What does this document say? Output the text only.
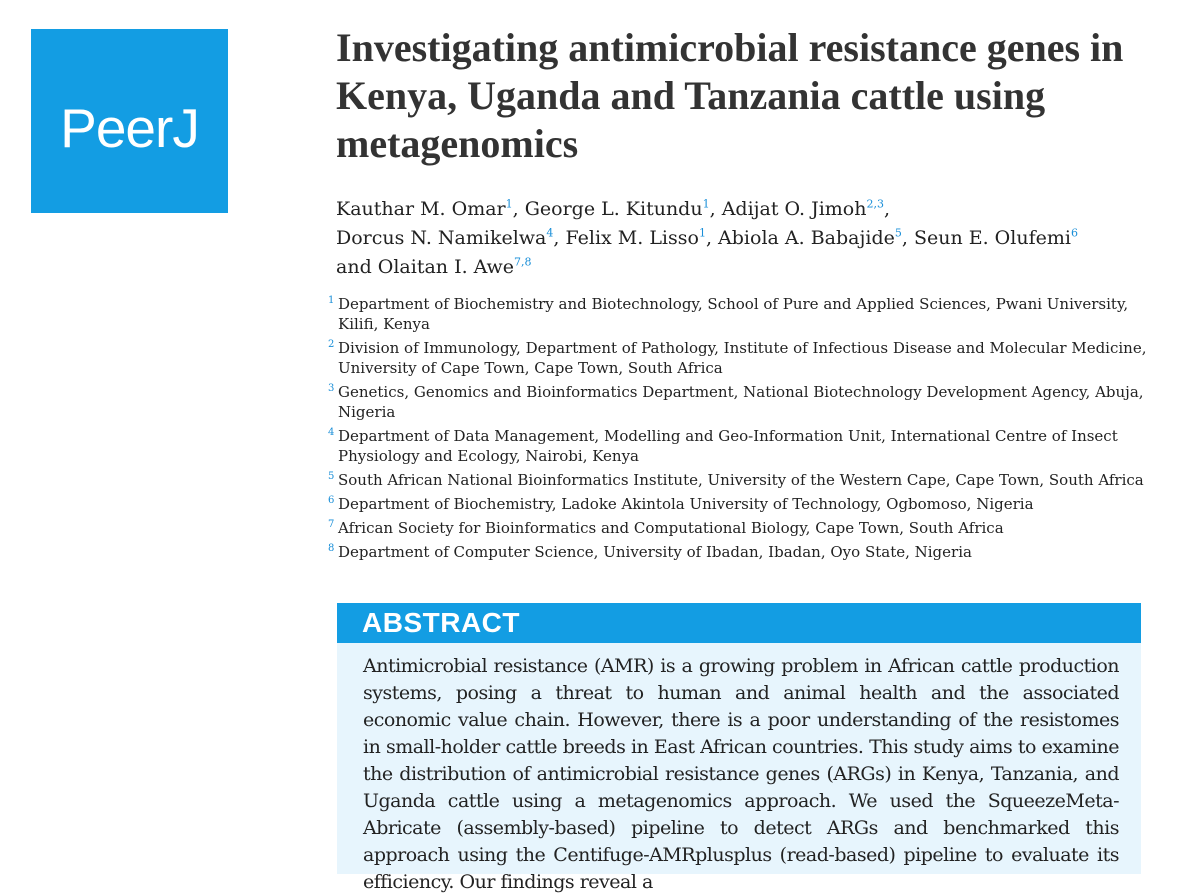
PeerJ
Investigating antimicrobial resistance genes in Kenya, Uganda and Tanzania cattle using metagenomics
Kauthar M. Omar$^1$, George L. Kitundu$^1$, Adijat O. Jimoh$^{2,3}$, Dorcus N. Namikelwa$^4$, Felix M. Lisso$^1$, Abiola A. Babajide$^5$, Seun E. Olufemi$^6$ and Olaitan I. Awe$^{7,8}$
1 Department of Biochemistry and Biotechnology, School of Pure and Applied Sciences, Pwani University, Kilifi, Kenya
2 Division of Immunology, Department of Pathology, Institute of Infectious Disease and Molecular Medicine, University of Cape Town, Cape Town, South Africa
3 Genetics, Genomics and Bioinformatics Department, National Biotechnology Development Agency, Abuja, Nigeria
4 Department of Data Management, Modelling and Geo-Information Unit, International Centre of Insect Physiology and Ecology, Nairobi, Kenya
5 South African National Bioinformatics Institute, University of the Western Cape, Cape Town, South Africa
6 Department of Biochemistry, Ladoke Akintola University of Technology, Ogbomoso, Nigeria
7 African Society for Bioinformatics and Computational Biology, Cape Town, South Africa
8 Department of Computer Science, University of Ibadan, Ibadan, Oyo State, Nigeria
ABSTRACT

Antimicrobial resistance (AMR) is a growing problem in African cattle production systems, posing a threat to human and animal health and the associated economic value chain. However, there is a poor understanding of the resistomes in small-holder cattle breeds in East African countries. This study aims to examine the distribution of antimicrobial resistance genes (ARGs) in Kenya, Tanzania, and Uganda cattle using a metagenomics approach. We used the SqueezeMeta-Abricate (assembly-based) pipeline to detect ARGs and benchmarked this approach using the Centifuge-AMRplusplus (read-based) pipeline to evaluate its efficiency. Our findings reveal a
